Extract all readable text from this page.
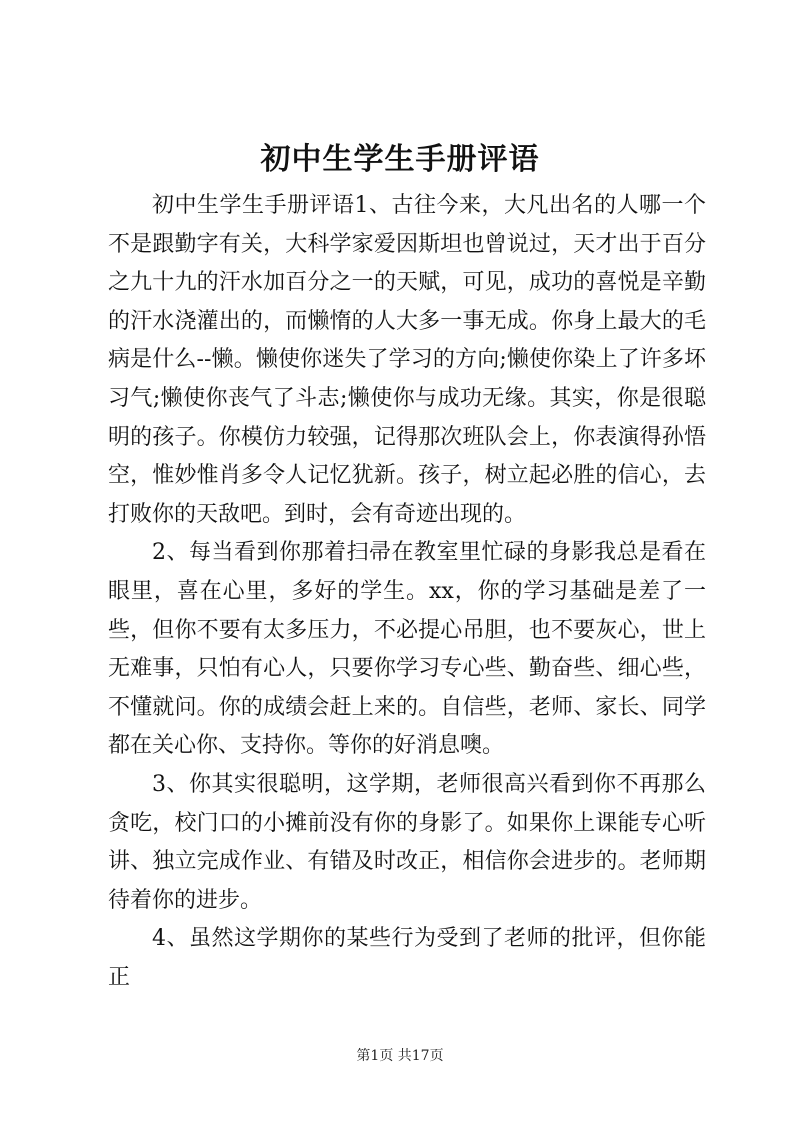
初中生学生手册评语

初中生学生手册评语1、古往今来，大凡出名的人哪一个不是跟勤字有关，大科学家爱因斯坦也曾说过，天才出于百分之九十九的汗水加百分之一的天赋，可见，成功的喜悦是辛勤的汗水浇灌出的，而懒惰的人大多一事无成。你身上最大的毛病是什么--懒。懒使你迷失了学习的方向;懒使你染上了许多坏习气;懒使你丧气了斗志;懒使你与成功无缘。其实，你是很聪明的孩子。你模仿力较强，记得那次班队会上，你表演得孙悟空，惟妙惟肖多令人记忆犹新。孩子，树立起必胜的信心，去打败你的天敌吧。到时，会有奇迹出现的。

2、每当看到你那着扫帚在教室里忙碌的身影我总是看在眼里，喜在心里，多好的学生。xx，你的学习基础是差了一些，但你不要有太多压力，不必提心吊胆，也不要灰心，世上无难事，只怕有心人，只要你学习专心些、勤奋些、细心些，不懂就问。你的成绩会赶上来的。自信些，老师、家长、同学都在关心你、支持你。等你的好消息噢。

3、你其实很聪明，这学期，老师很高兴看到你不再那么贪吃，校门口的小摊前没有你的身影了。如果你上课能专心听讲、独立完成作业、有错及时改正，相信你会进步的。老师期待着你的进步。

4、虽然这学期你的某些行为受到了老师的批评，但你能正

第1页 共17页
